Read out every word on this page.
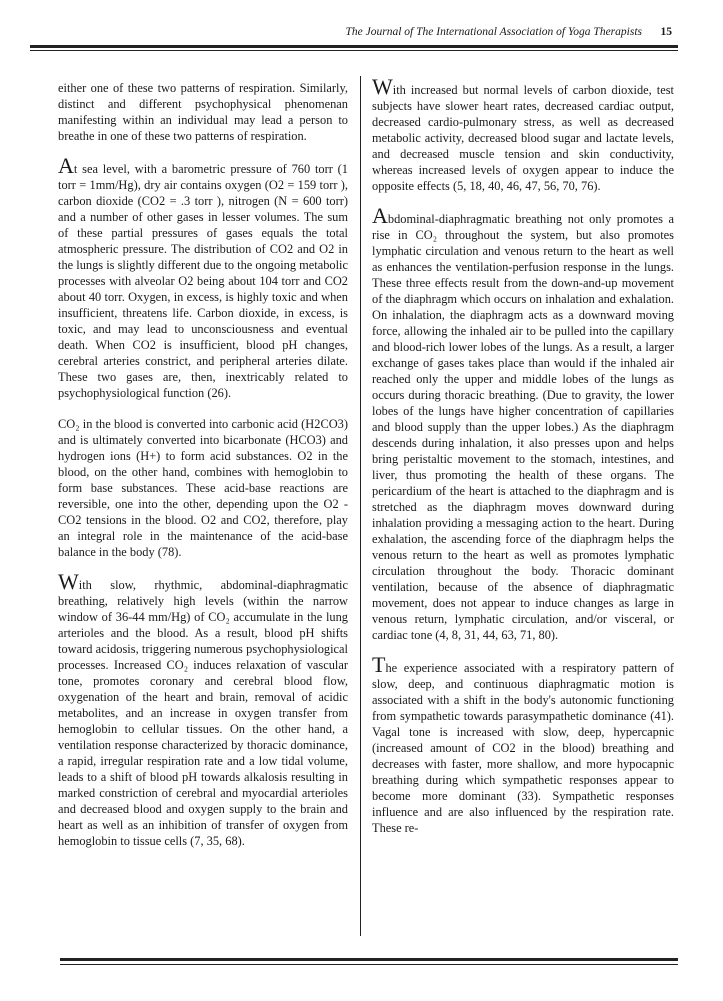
The Journal of The International Association of Yoga Therapists 15

either one of these two patterns of respiration. Similarly, distinct and different psychophysical phenomenan manifesting within an individual may lead a person to breathe in one of these two patterns of respiration.

At sea level, with a barometric pressure of 760 torr (1 torr = 1mm/Hg), dry air contains oxygen (O2 = 159 torr ), carbon dioxide (CO2 = .3 torr ), nitrogen (N = 600 torr) and a number of other gases in lesser volumes. The sum of these partial pressures of gases equals the total atmospheric pressure. The distribution of CO2 and O2 in the lungs is slightly different due to the ongoing metabolic processes with alveolar O2 being about 104 torr and CO2 about 40 torr. Oxygen, in excess, is highly toxic and when insufficient, threatens life. Carbon dioxide, in excess, is toxic, and may lead to unconsciousness and eventual death. When CO2 is insufficient, blood pH changes, cerebral arteries constrict, and peripheral arteries dilate. These two gases are, then, inextricably related to psychophysiological function (26).

CO₂ in the blood is converted into carbonic acid (H2CO3) and is ultimately converted into bicarbonate (HCO3) and hydrogen ions (H+) to form acid substances. O2 in the blood, on the other hand, combines with hemoglobin to form base substances. These acid-base reactions are reversible, one into the other, depending upon the O2 - CO2 tensions in the blood. O2 and CO2, therefore, play an integral role in the maintenance of the acid-base balance in the body (78).

With slow, rhythmic, abdominal-diaphragmatic breathing, relatively high levels (within the narrow window of 36-44 mm/Hg) of CO₂ accumulate in the lung arterioles and the blood. As a result, blood pH shifts toward acidosis, triggering numerous psychophysiological processes. Increased CO₂ induces relaxation of vascular tone, promotes coronary and cerebral blood flow, oxygenation of the heart and brain, removal of acidic metabolites, and an increase in oxygen transfer from hemoglobin to cellular tissues. On the other hand, a ventilation response characterized by thoracic dominance, a rapid, irregular respiration rate and a low tidal volume, leads to a shift of blood pH towards alkalosis resulting in marked constriction of cerebral and myocardial arterioles and decreased blood and oxygen supply to the brain and heart as well as an inhibition of transfer of oxygen from hemoglobin to tissue cells (7, 35, 68).

With increased but normal levels of carbon dioxide, test subjects have slower heart rates, decreased cardiac output, decreased cardio-pulmonary stress, as well as decreased metabolic activity, decreased blood sugar and lactate levels, and decreased muscle tension and skin conductivity, whereas increased levels of oxygen appear to induce the opposite effects (5, 18, 40, 46, 47, 56, 70, 76).

Abdominal-diaphragmatic breathing not only promotes a rise in CO₂ throughout the system, but also promotes lymphatic circulation and venous return to the heart as well as enhances the ventilation-perfusion response in the lungs. These three effects result from the down-and-up movement of the diaphragm which occurs on inhalation and exhalation. On inhalation, the diaphragm acts as a downward moving force, allowing the inhaled air to be pulled into the capillary and blood-rich lower lobes of the lungs. As a result, a larger exchange of gases takes place than would if the inhaled air reached only the upper and middle lobes of the lungs as occurs during thoracic breathing. (Due to gravity, the lower lobes of the lungs have higher concentration of capillaries and blood supply than the upper lobes.) As the diaphragm descends during inhalation, it also presses upon and helps bring peristaltic movement to the stomach, intestines, and liver, thus promoting the health of these organs. The pericardium of the heart is attached to the diaphragm and is stretched as the diaphragm moves downward during inhalation providing a messaging action to the heart. During exhalation, the ascending force of the diaphragm helps the venous return to the heart as well as promotes lymphatic circulation throughout the body. Thoracic dominant ventilation, because of the absence of diaphragmatic movement, does not appear to induce changes as large in venous return, lymphatic circulation, and/or visceral, or cardiac tone (4, 8, 31, 44, 63, 71, 80).

The experience associated with a respiratory pattern of slow, deep, and continuous diaphragmatic motion is associated with a shift in the body's autonomic functioning from sympathetic towards parasympathetic dominance (41). Vagal tone is increased with slow, deep, hypercapnic (increased amount of CO2 in the blood) breathing and decreases with faster, more shallow, and more hypocapnic breathing during which sympathetic responses appear to become more dominant (33). Sympathetic responses influence and are also influenced by the respiration rate. These re-
